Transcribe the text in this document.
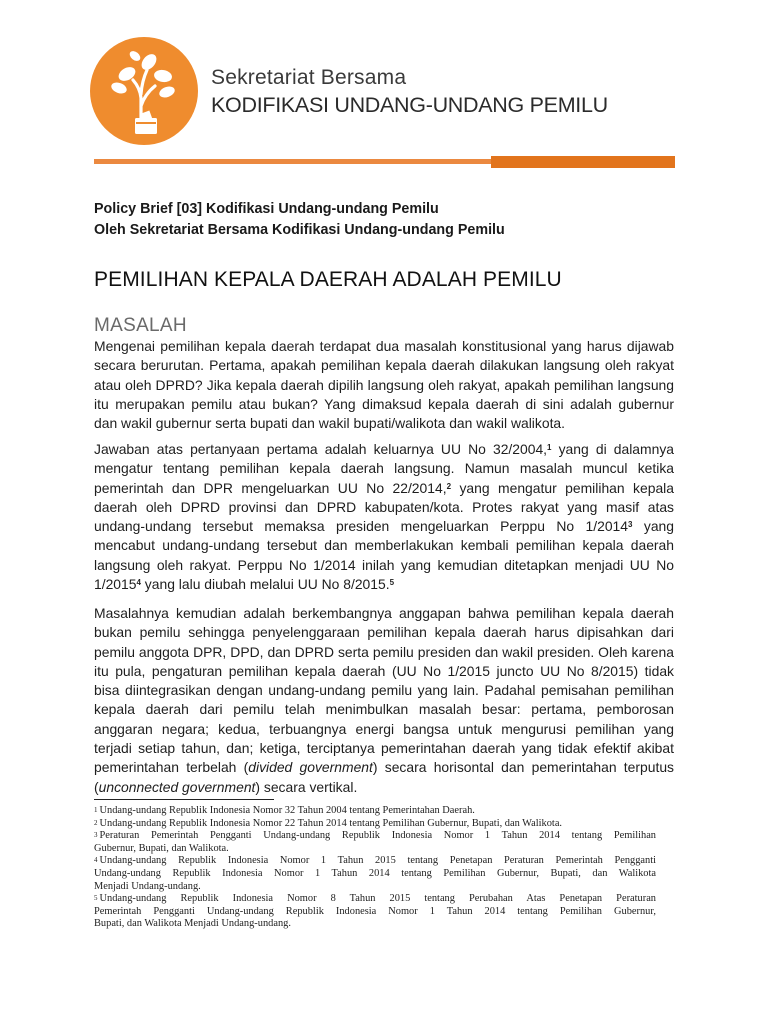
Sekretariat Bersama
KODIFIKASI UNDANG-UNDANG PEMILU
Policy Brief [03] Kodifikasi Undang-undang Pemilu
Oleh Sekretariat Bersama Kodifikasi Undang-undang Pemilu
PEMILIHAN KEPALA DAERAH ADALAH PEMILU
MASALAH
Mengenai pemilihan kepala daerah terdapat dua masalah konstitusional yang harus dijawab
secara berurutan. Pertama, apakah pemilihan kepala daerah dilakukan langsung oleh rakyat
atau oleh DPRD? Jika kepala daerah dipilih langsung oleh rakyat, apakah pemilihan langsung
itu merupakan pemilu atau bukan? Yang dimaksud kepala daerah di sini adalah gubernur
dan wakil gubernur serta bupati dan wakil bupati/walikota dan wakil walikota.
Jawaban atas pertanyaan pertama adalah keluarnya UU No 32/2004,$^1$ yang di dalamnya
mengatur tentang pemilihan kepala daerah langsung. Namun masalah muncul ketika
pemerintah dan DPR mengeluarkan UU No 22/2014,$^2$ yang mengatur pemilihan kepala
daerah oleh DPRD provinsi dan DPRD kabupaten/kota. Protes rakyat yang masif atas
undang-undang tersebut memaksa presiden mengeluarkan Perppu No 1/2014$^3$ yang
mencabut undang-undang tersebut dan memberlakukan kembali pemilihan kepala daerah
langsung oleh rakyat. Perppu No 1/2014 inilah yang kemudian ditetapkan menjadi UU No
1/2015$^4$ yang lalu diubah melalui UU No 8/2015.$^5$
Masalahnya kemudian adalah berkembangnya anggapan bahwa pemilihan kepala daerah
bukan pemilu sehingga penyelenggaraan pemilihan kepala daerah harus dipisahkan dari
pemilu anggota DPR, DPD, dan DPRD serta pemilu presiden dan wakil presiden. Oleh karena
itu pula, pengaturan pemilihan kepala daerah (UU No 1/2015 juncto UU No 8/2015) tidak
bisa diintegrasikan dengan undang-undang pemilu yang lain. Padahal pemisahan pemilihan
kepala daerah dari pemilu telah menimbulkan masalah besar: pertama, pemborosan
anggaran negara; kedua, terbuangnya energi bangsa untuk mengurusi pemilihan yang
terjadi setiap tahun, dan; ketiga, terciptanya pemerintahan daerah yang tidak efektif akibat
pemerintahan terbelah (divided government) secara horisontal dan pemerintahan terputus
(unconnected government) secara vertikal.
$^1$ Undang-undang Republik Indonesia Nomor 32 Tahun 2004 tentang Pemerintahan Daerah.
$^2$ Undang-undang Republik Indonesia Nomor 22 Tahun 2014 tentang Pemilihan Gubernur, Bupati, dan Walikota.
$^3$ Peraturan Pemerintah Pengganti Undang-undang Republik Indonesia Nomor 1 Tahun 2014 tentang Pemilihan
Gubernur, Bupati, dan Walikota.
$^4$ Undang-undang Republik Indonesia Nomor 1 Tahun 2015 tentang Penetapan Peraturan Pemerintah Pengganti
Undang-undang Republik Indonesia Nomor 1 Tahun 2014 tentang Pemilihan Gubernur, Bupati, dan Walikota
Menjadi Undang-undang.
$^5$ Undang-undang Republik Indonesia Nomor 8 Tahun 2015 tentang Perubahan Atas Penetapan Peraturan
Pemerintah Pengganti Undang-undang Republik Indonesia Nomor 1 Tahun 2014 tentang Pemilihan Gubernur,
Bupati, dan Walikota Menjadi Undang-undang.
